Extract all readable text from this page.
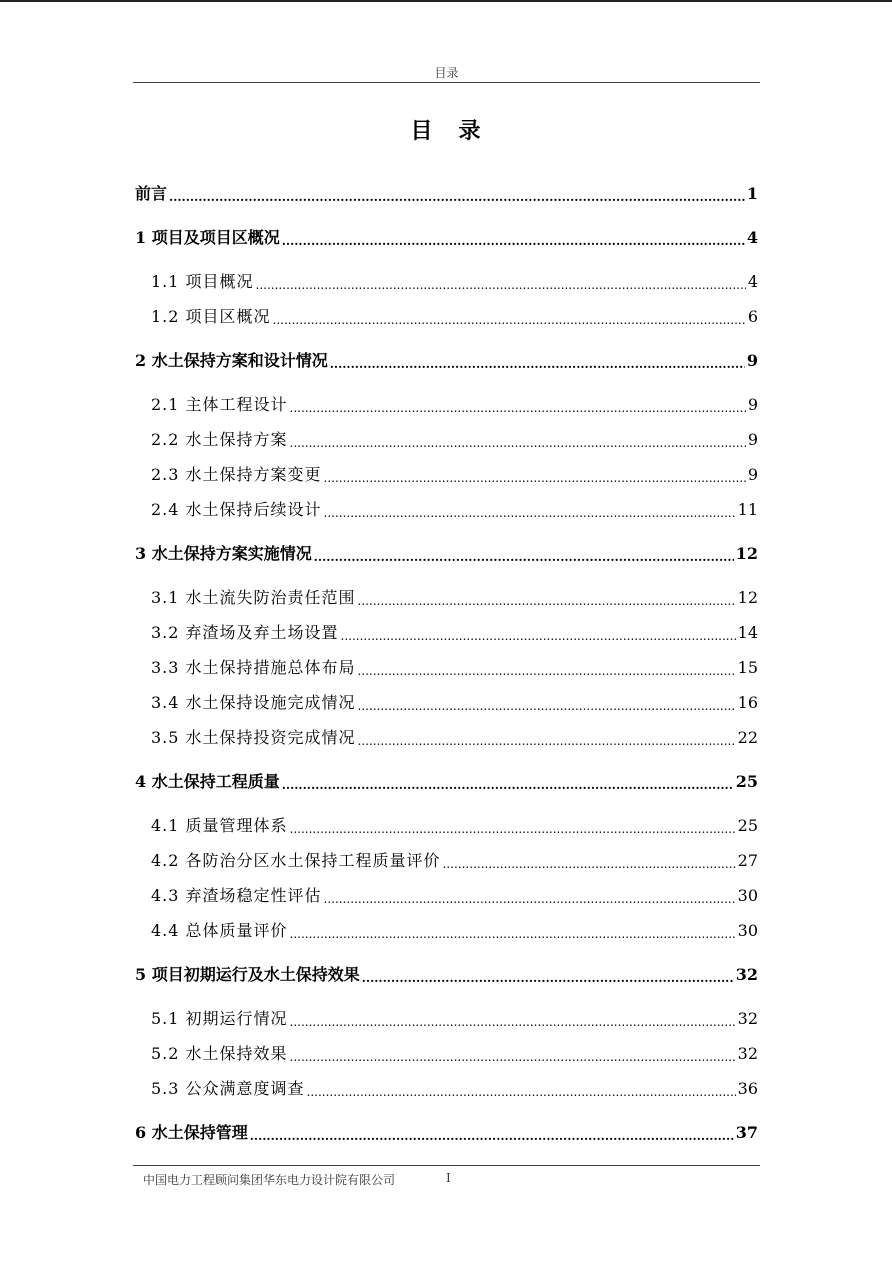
目录
目　录
前言 .....	1
1 项目及项目区概况 .....	4
1.1 项目概况 .....	4
1.2 项目区概况 .....	6
2 水土保持方案和设计情况 .....	9
2.1 主体工程设计 .....	9
2.2 水土保持方案 .....	9
2.3 水土保持方案变更 .....	9
2.4 水土保持后续设计 .....	11
3 水土保持方案实施情况 .....	12
3.1 水土流失防治责任范围 .....	12
3.2 弃渣场及弃土场设置 .....	14
3.3 水土保持措施总体布局 .....	15
3.4 水土保持设施完成情况 .....	16
3.5 水土保持投资完成情况 .....	22
4 水土保持工程质量 .....	25
4.1 质量管理体系 .....	25
4.2 各防治分区水土保持工程质量评价 .....	27
4.3 弃渣场稳定性评估 .....	30
4.4 总体质量评价 .....	30
5 项目初期运行及水土保持效果 .....	32
5.1 初期运行情况 .....	32
5.2 水土保持效果 .....	32
5.3 公众满意度调查 .....	36
6 水土保持管理 .....	37
中国电力工程顾问集团华东电力设计院有限公司	I
